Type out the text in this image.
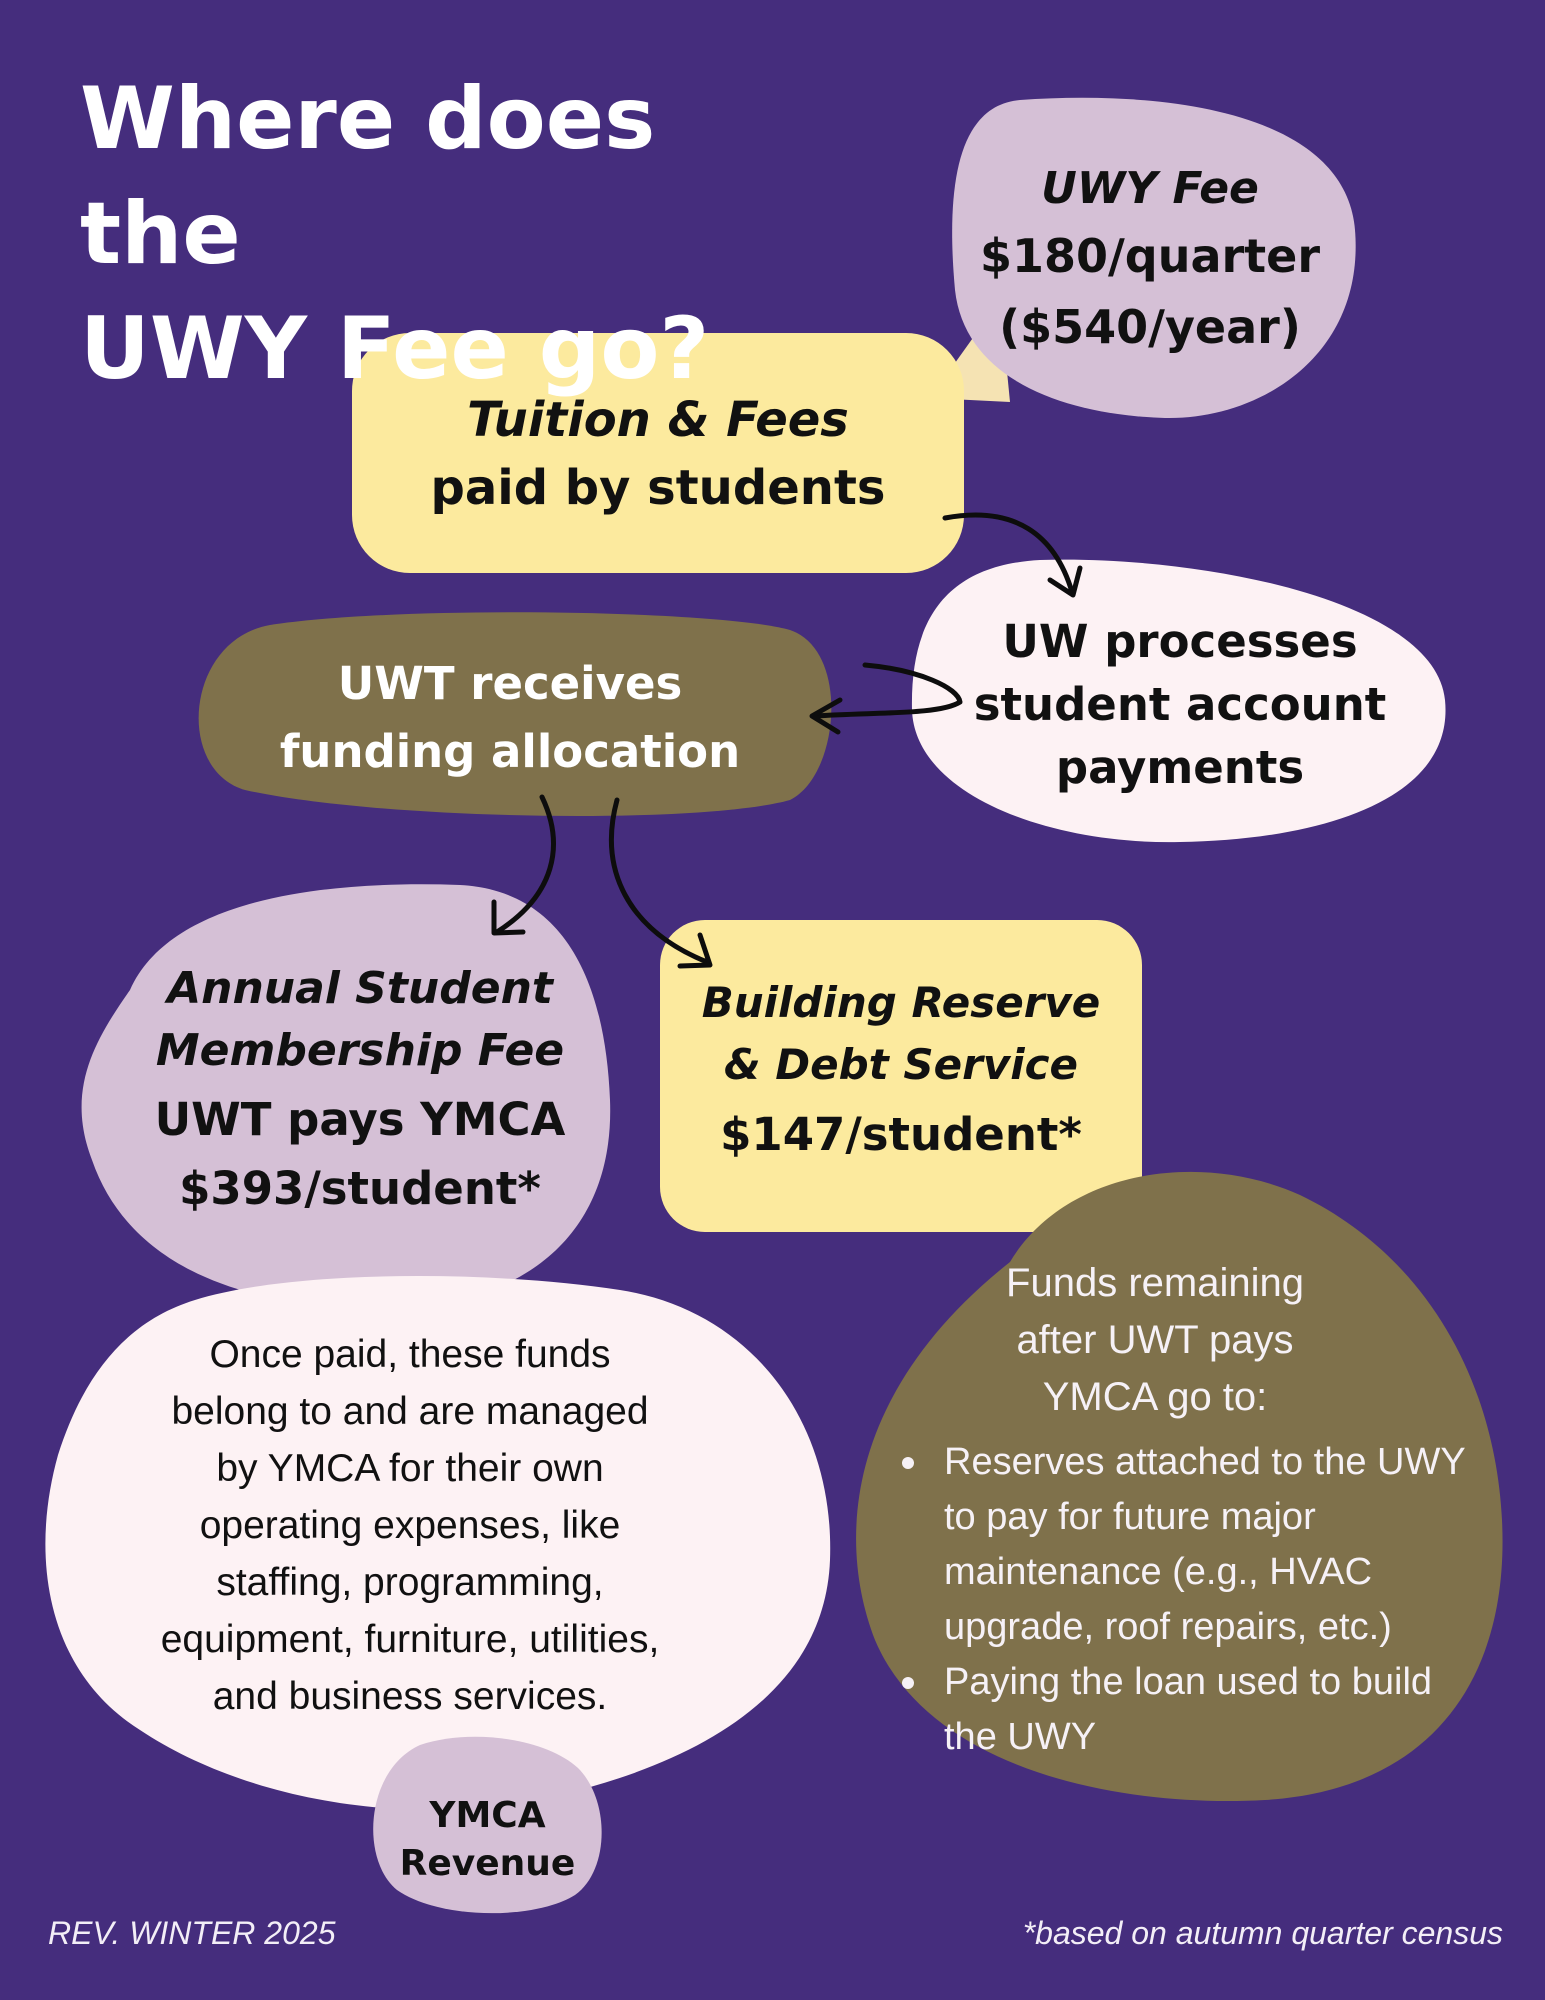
Where does the
UWY Fee go?
UWY Fee
$180/quarter
($540/year)
Tuition & Fees
paid by students
UW processes
student account
payments
UWT receives
funding allocation
Annual Student
Membership Fee
UWT pays YMCA
$393/student*
Building Reserve
& Debt Service
$147/student*
Once paid, these funds
belong to and are managed
by YMCA for their own
operating expenses, like
staffing, programming,
equipment, furniture, utilities,
and business services.
YMCA
Revenue
Funds remaining
after UWT pays
YMCA go to:
Reserves attached to the UWY to pay for future major maintenance (e.g., HVAC upgrade, roof repairs, etc.)
Paying the loan used to build the UWY

REV. WINTER 2025	*based on autumn quarter census
